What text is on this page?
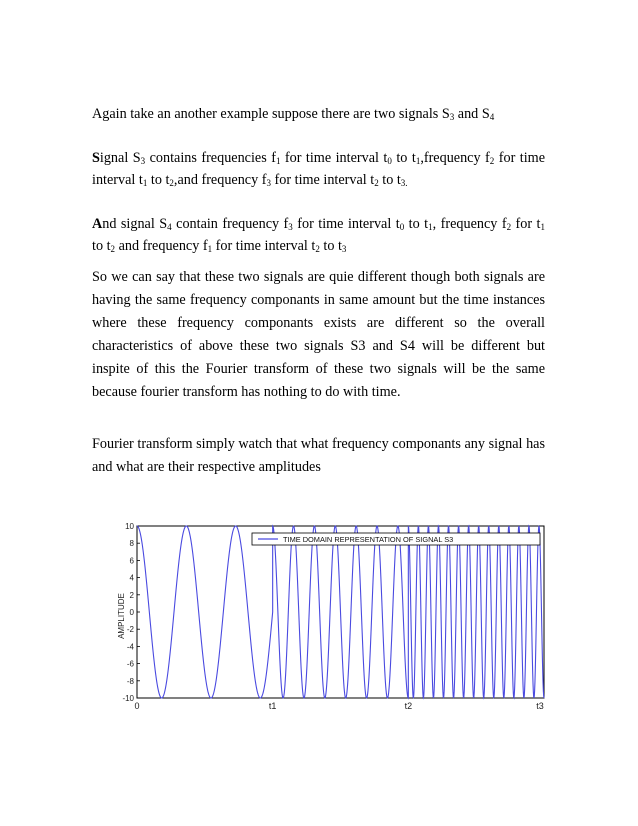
Again take an another example suppose there are two signals $S_3$ and $S_4$

Signal $S_3$ contains frequencies $f_1$ for time interval $t_0$ to $t_1,frequency$ $f_2$ for time interval $t_1$ to $t_2,and$ frequency $f_3$ for time interval $t_2$ to $t_{3.}$

And signal $S_4$ contain frequency $f_3$ for time interval $t_0$ to $t_1$, frequency $f_2$ for $t_1$ to $t_2$ and frequency $f_1$ for time interval $t_2$ to $t_3$

So we can say that these two signals are quie different though both signals are having the same frequency componants in same amount but the time instances where these frequency componants exists are different so the overall characteristics of above these two signals S3 and S4 will be different but inspite of this the Fourier transform of these two signals will be the same because fourier transform has nothing to do with time.

Fourier transform simply watch that what frequency componants any signal has and what are their respective amplitudes

AMPLITUDE
10
8
6
4
2
0
-2
-4
-6
-8
-10
0	t1	t2	t3
TIME DOMAIN REPRESENTATION OF SIGNAL S3
